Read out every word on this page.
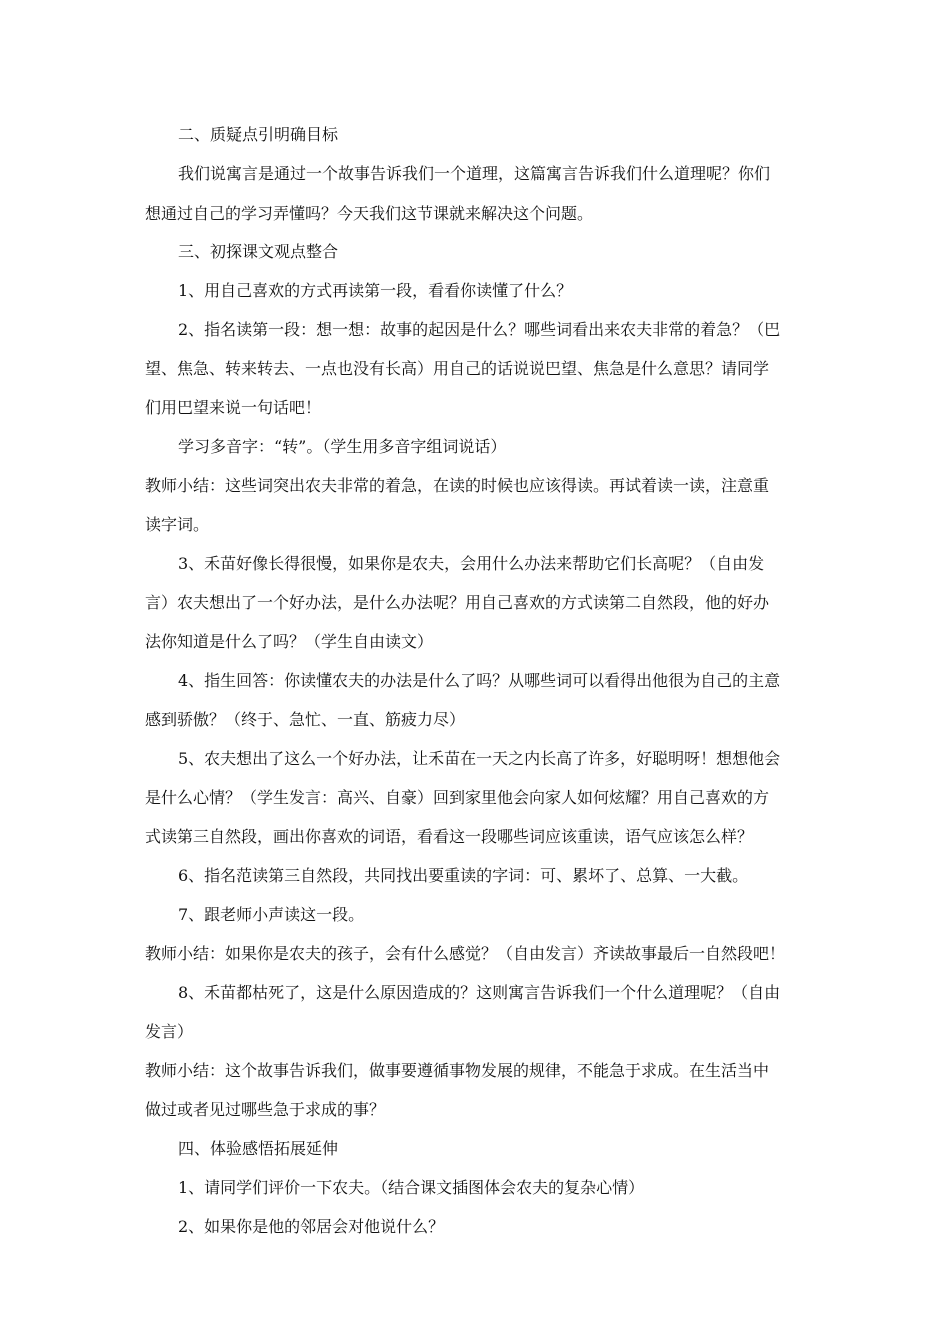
二、质疑点引明确目标
我们说寓言是通过一个故事告诉我们一个道理，这篇寓言告诉我们什么道理呢？你们
想通过自己的学习弄懂吗？今天我们这节课就来解决这个问题。
三、初探课文观点整合
1、用自己喜欢的方式再读第一段，看看你读懂了什么？
2、指名读第一段：想一想：故事的起因是什么？哪些词看出来农夫非常的着急？（巴
望、焦急、转来转去、一点也没有长高）用自己的话说说巴望、焦急是什么意思？请同学
们用巴望来说一句话吧！
学习多音字：“转”。（学生用多音字组词说话）
教师小结：这些词突出农夫非常的着急，在读的时候也应该得读。再试着读一读，注意重
读字词。
3、禾苗好像长得很慢，如果你是农夫，会用什么办法来帮助它们长高呢？（自由发
言）农夫想出了一个好办法，是什么办法呢？用自己喜欢的方式读第二自然段，他的好办
法你知道是什么了吗？（学生自由读文）
4、指生回答：你读懂农夫的办法是什么了吗？从哪些词可以看得出他很为自己的主意
感到骄傲？（终于、急忙、一直、筋疲力尽）
5、农夫想出了这么一个好办法，让禾苗在一天之内长高了许多，好聪明呀！想想他会
是什么心情？（学生发言：高兴、自豪）回到家里他会向家人如何炫耀？用自己喜欢的方
式读第三自然段，画出你喜欢的词语，看看这一段哪些词应该重读，语气应该怎么样？
6、指名范读第三自然段，共同找出要重读的字词：可、累坏了、总算、一大截。
7、跟老师小声读这一段。
教师小结：如果你是农夫的孩子，会有什么感觉？（自由发言）齐读故事最后一自然段吧！
8、禾苗都枯死了，这是什么原因造成的？这则寓言告诉我们一个什么道理呢？（自由
发言）
教师小结：这个故事告诉我们，做事要遵循事物发展的规律，不能急于求成。在生活当中
做过或者见过哪些急于求成的事？
四、体验感悟拓展延伸
1、请同学们评价一下农夫。（结合课文插图体会农夫的复杂心情）
2、如果你是他的邻居会对他说什么？
